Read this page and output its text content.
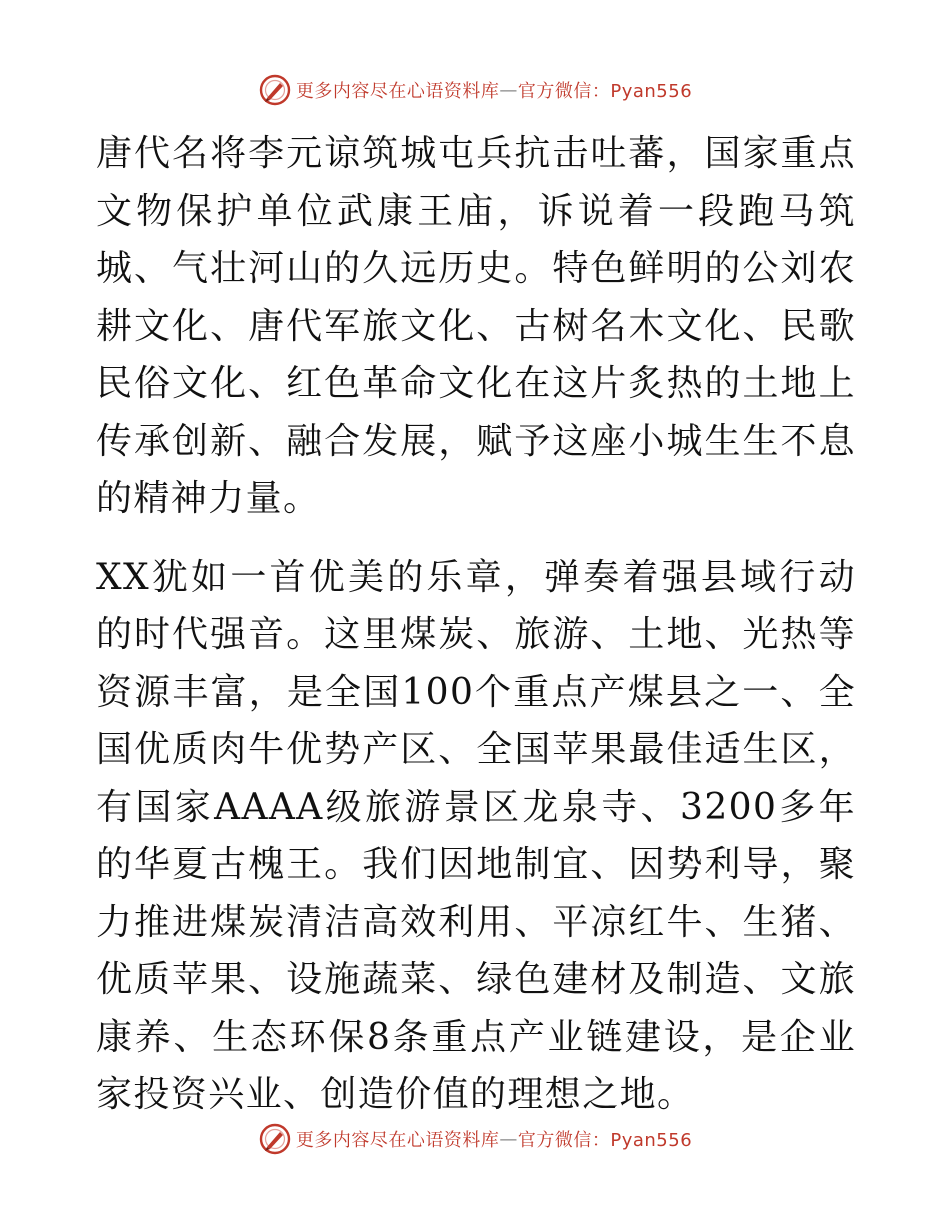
更多内容尽在心语资料库 — 官方微信：Pyan556

唐代名将李元谅筑城屯兵抗击吐蕃，国家重点文物保护单位武康王庙，诉说着一段跑马筑城、气壮河山的久远历史。特色鲜明的公刘农耕文化、唐代军旅文化、古树名木文化、民歌民俗文化、红色革命文化在这片炙热的土地上传承创新、融合发展，赋予这座小城生生不息的精神力量。

XX犹如一首优美的乐章，弹奏着强县域行动的时代强音。这里煤炭、旅游、土地、光热等资源丰富，是全国100个重点产煤县之一、全国优质肉牛优势产区、全国苹果最佳适生区，有国家AAAA级旅游景区龙泉寺、3200多年的华夏古槐王。我们因地制宜、因势利导，聚力推进煤炭清洁高效利用、平凉红牛、生猪、优质苹果、设施蔬菜、绿色建材及制造、文旅康养、生态环保8条重点产业链建设，是企业家投资兴业、创造价值的理想之地。

更多内容尽在心语资料库 — 官方微信：Pyan556
